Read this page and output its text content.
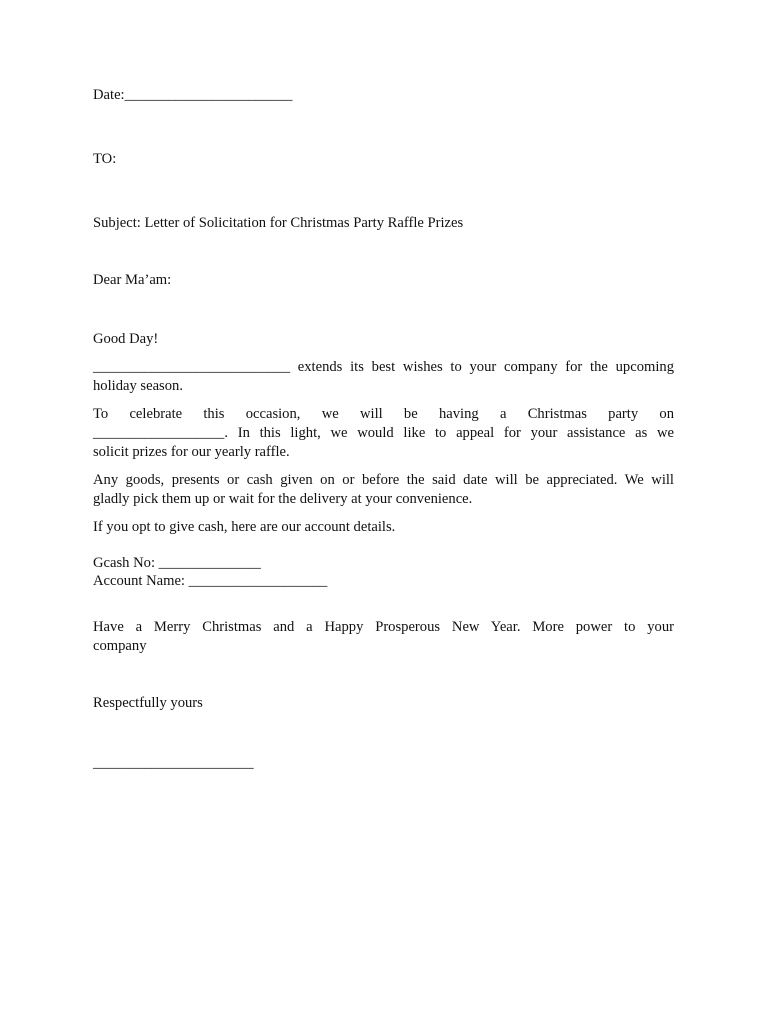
Date:_______________________
TO:
Subject: Letter of Solicitation for Christmas Party Raffle Prizes
Dear Ma’am:
Good Day!
___________________________ extends its best wishes to your company for the upcoming
holiday season.
To celebrate this occasion, we will be having a Christmas party on
__________________. In this light, we would like to appeal for your assistance as we
solicit prizes for our yearly raffle.
Any goods, presents or cash given on or before the said date will be appreciated. We will
gladly pick them up or wait for the delivery at your convenience.
If you opt to give cash, here are our account details.
Gcash No: ______________
Account Name: ___________________
Have a Merry Christmas and a Happy Prosperous New Year. More power to your
company
Respectfully yours
______________________
